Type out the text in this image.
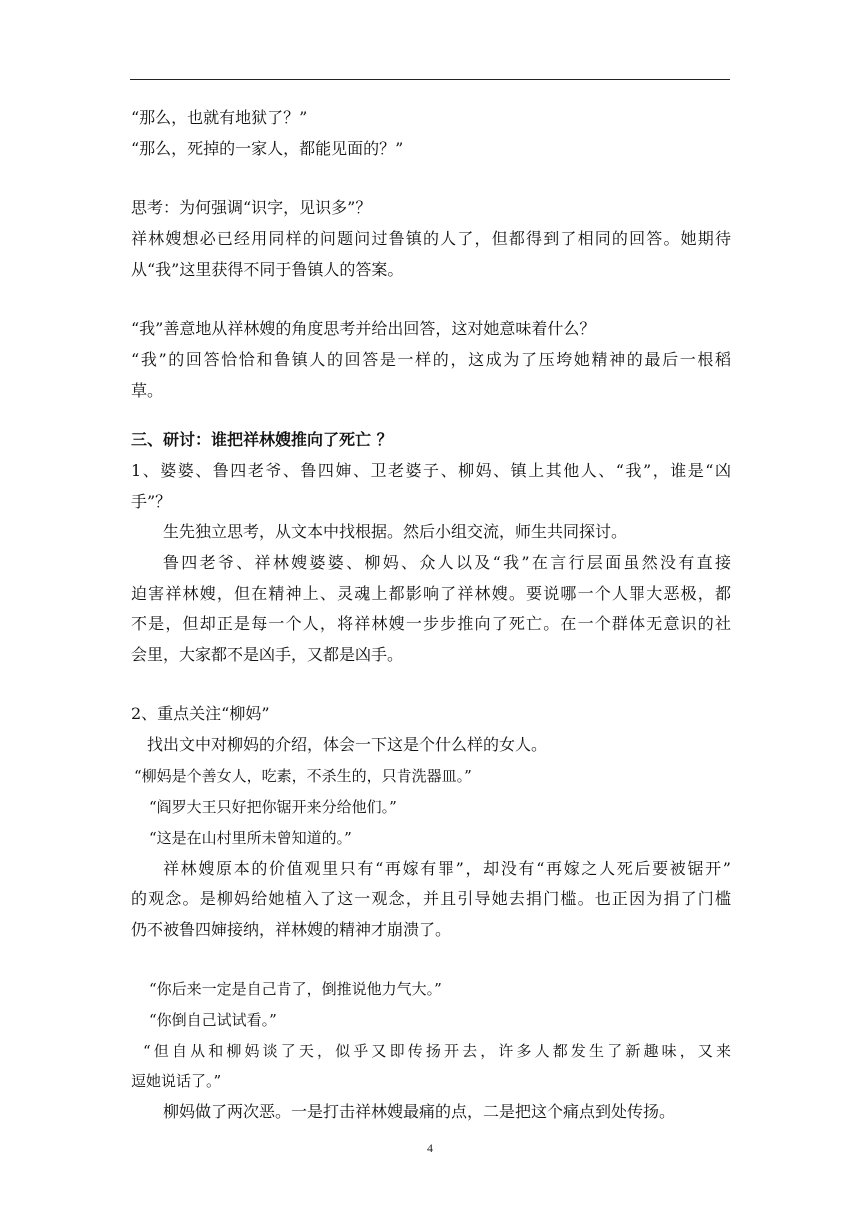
“那么，也就有地狱了？”
“那么，死掉的一家人，都能见面的？”
思考：为何强调“识字，见识多”？
祥林嫂想必已经用同样的问题问过鲁镇的人了，但都得到了相同的回答。她期待
从“我”这里获得不同于鲁镇人的答案。
“我”善意地从祥林嫂的角度思考并给出回答，这对她意味着什么？
“我”的回答恰恰和鲁镇人的回答是一样的，这成为了压垮她精神的最后一根稻
草。
三、研讨：谁把祥林嫂推向了死亡 ？
1、婆婆、鲁四老爷、鲁四婶、卫老婆子、柳妈、镇上其他人、“我”，谁是“凶
手”？
生先独立思考，从文本中找根据。然后小组交流，师生共同探讨。
鲁四老爷、祥林嫂婆婆、柳妈、众人以及“我”在言行层面虽然没有直接
迫害祥林嫂，但在精神上、灵魂上都影响了祥林嫂。要说哪一个人罪大恶极，都
不是，但却正是每一个人，将祥林嫂一步步推向了死亡。在一个群体无意识的社
会里，大家都不是凶手，又都是凶手。
2、重点关注“柳妈”
找出文中对柳妈的介绍，体会一下这是个什么样的女人。
“柳妈是个善女人，吃素，不杀生的，只肯洗器皿。”
“阎罗大王只好把你锯开来分给他们。”
“这是在山村里所未曾知道的。”
祥林嫂原本的价值观里只有“再嫁有罪”，却没有“再嫁之人死后要被锯开”
的观念。是柳妈给她植入了这一观念，并且引导她去捐门槛。也正因为捐了门槛
仍不被鲁四婶接纳，祥林嫂的精神才崩溃了。
“你后来一定是自己肯了，倒推说他力气大。”
“你倒自己试试看。”
“但自从和柳妈谈了天，似乎又即传扬开去，许多人都发生了新趣味，又来
逗她说话了。”
柳妈做了两次恶。一是打击祥林嫂最痛的点，二是把这个痛点到处传扬。
4
